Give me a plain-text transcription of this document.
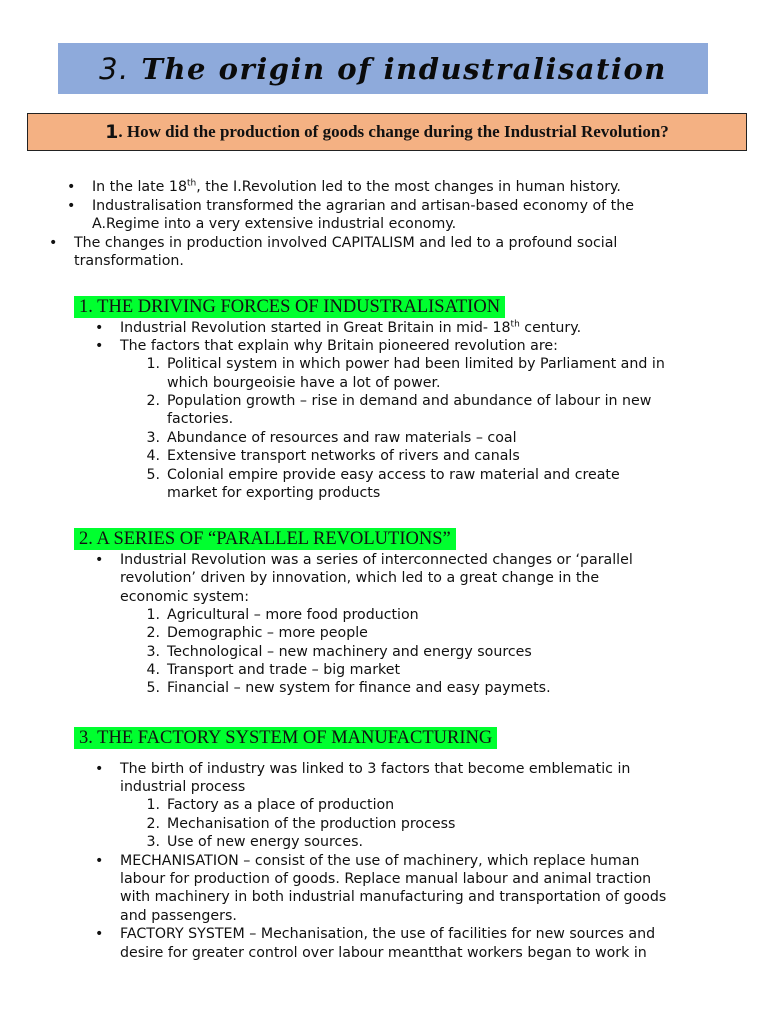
3. The origin of industralisation
1 . How did the production of goods change during the Industrial Revolution?
• In the late 18th, the I.Revolution led to the most changes in human history.
• Industralisation transformed the agrarian and artisan-based economy of the
A.Regime into a very extensive industrial economy.
• The changes in production involved CAPITALISM and led to a profound social
transformation.
1. THE DRIVING FORCES OF INDUSTRALISATION
• Industrial Revolution started in Great Britain in mid- 18th century.
• The factors that explain why Britain pioneered revolution are:
1. Political system in which power had been limited by Parliament and in
which bourgeoisie have a lot of power.
2. Population growth – rise in demand and abundance of labour in new
factories.
3. Abundance of resources and raw materials – coal
4. Extensive transport networks of rivers and canals
5. Colonial empire provide easy access to raw material and create
market for exporting products
2. A SERIES OF “PARALLEL REVOLUTIONS”
• Industrial Revolution was a series of interconnected changes or ‘parallel
revolution’ driven by innovation, which led to a great change in the
economic system:
1. Agricultural – more food production
2. Demographic – more people
3. Technological – new machinery and energy sources
4. Transport and trade – big market
5. Financial – new system for finance and easy paymets.
3. THE FACTORY SYSTEM OF MANUFACTURING
• The birth of industry was linked to 3 factors that become emblematic in
industrial process
1. Factory as a place of production
2. Mechanisation of the production process
3. Use of new energy sources.
• MECHANISATION – consist of the use of machinery, which replace human
labour for production of goods. Replace manual labour and animal traction
with machinery in both industrial manufacturing and transportation of goods
and passengers.
• FACTORY SYSTEM – Mechanisation, the use of facilities for new sources and
desire for greater control over labour meantthat workers began to work in
